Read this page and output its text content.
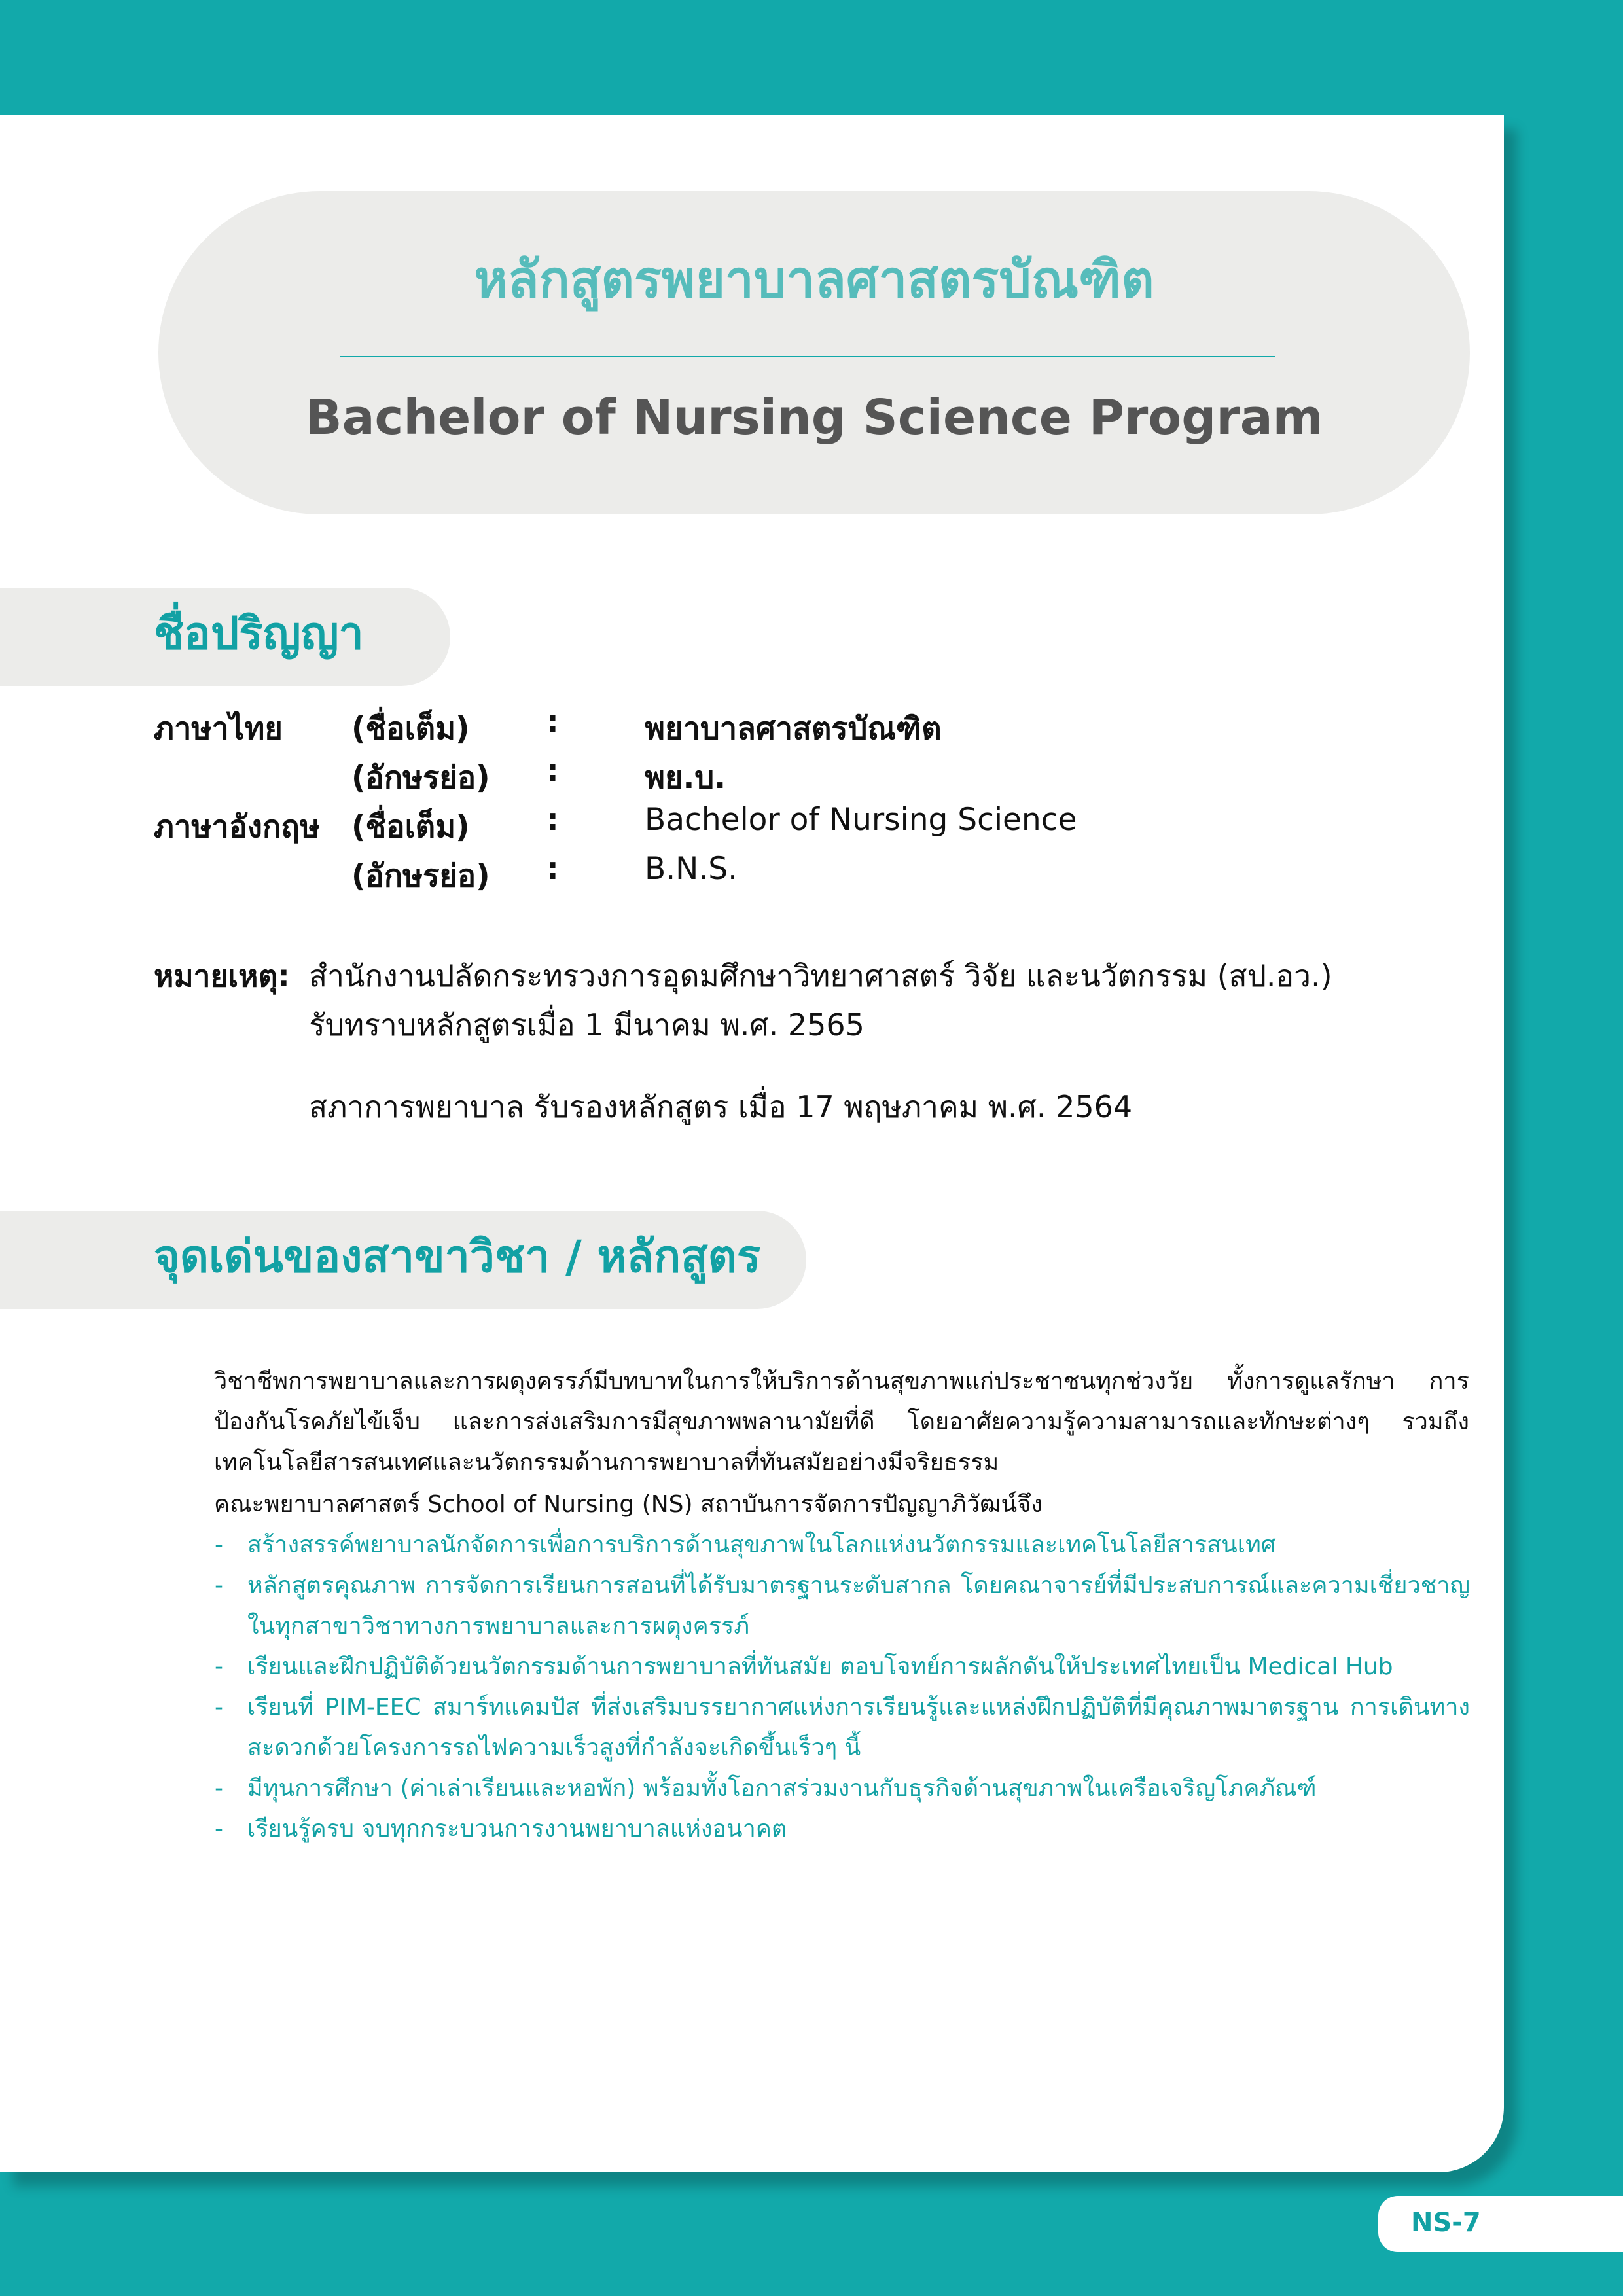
หลักสูตรพยาบาลศาสตรบัณฑิต
Bachelor of Nursing Science Program
ชื่อปริญญา
ภาษาไทย (ชื่อเต็ม) :	พยาบาลศาสตรบัณฑิต
(อักษรย่อ) :	พย.บ.
ภาษาอังกฤษ (ชื่อเต็ม) :	Bachelor of Nursing Science
(อักษรย่อ) :	B.N.S.
หมายเหตุ: สำนักงานปลัดกระทรวงการอุดมศึกษาวิทยาศาสตร์ วิจัย และนวัตกรรม (สป.อว.)
รับทราบหลักสูตรเมื่อ 1 มีนาคม พ.ศ. 2565
สภาการพยาบาล รับรองหลักสูตร เมื่อ 17 พฤษภาคม พ.ศ. 2564
จุดเด่นของสาขาวิชา / หลักสูตร
วิชาชีพการพยาบาลและการผดุงครรภ์มีบทบาทในการให้บริการด้านสุขภาพแก่ประชาชนทุกช่วงวัย ทั้งการดูแลรักษา การป้องกันโรคภัยไข้เจ็บ และการส่งเสริมการมีสุขภาพพลานามัยที่ดี โดยอาศัยความรู้ความสามารถและทักษะต่างๆ รวมถึงเทคโนโลยีสารสนเทศและนวัตกรรมด้านการพยาบาลที่ทันสมัยอย่างมีจริยธรรม
คณะพยาบาลศาสตร์ School of Nursing (NS) สถาบันการจัดการปัญญาภิวัฒน์จึง
- สร้างสรรค์พยาบาลนักจัดการเพื่อการบริการด้านสุขภาพในโลกแห่งนวัตกรรมและเทคโนโลยีสารสนเทศ
- หลักสูตรคุณภาพ การจัดการเรียนการสอนที่ได้รับมาตรฐานระดับสากล โดยคณาจารย์ที่มีประสบการณ์และความเชี่ยวชาญในทุกสาขาวิชาทางการพยาบาลและการผดุงครรภ์
- เรียนและฝึกปฏิบัติด้วยนวัตกรรมด้านการพยาบาลที่ทันสมัย ตอบโจทย์การผลักดันให้ประเทศไทยเป็น Medical Hub
- เรียนที่ PIM-EEC สมาร์ทแคมปัส ที่ส่งเสริมบรรยากาศแห่งการเรียนรู้และแหล่งฝึกปฏิบัติที่มีคุณภาพมาตรฐาน การเดินทางสะดวกด้วยโครงการรถไฟความเร็วสูงที่กำลังจะเกิดขึ้นเร็วๆ นี้
- มีทุนการศึกษา (ค่าเล่าเรียนและหอพัก) พร้อมทั้งโอกาสร่วมงานกับธุรกิจด้านสุขภาพในเครือเจริญโภคภัณฑ์
- เรียนรู้ครบ จบทุกกระบวนการงานพยาบาลแห่งอนาคต
NS-7
